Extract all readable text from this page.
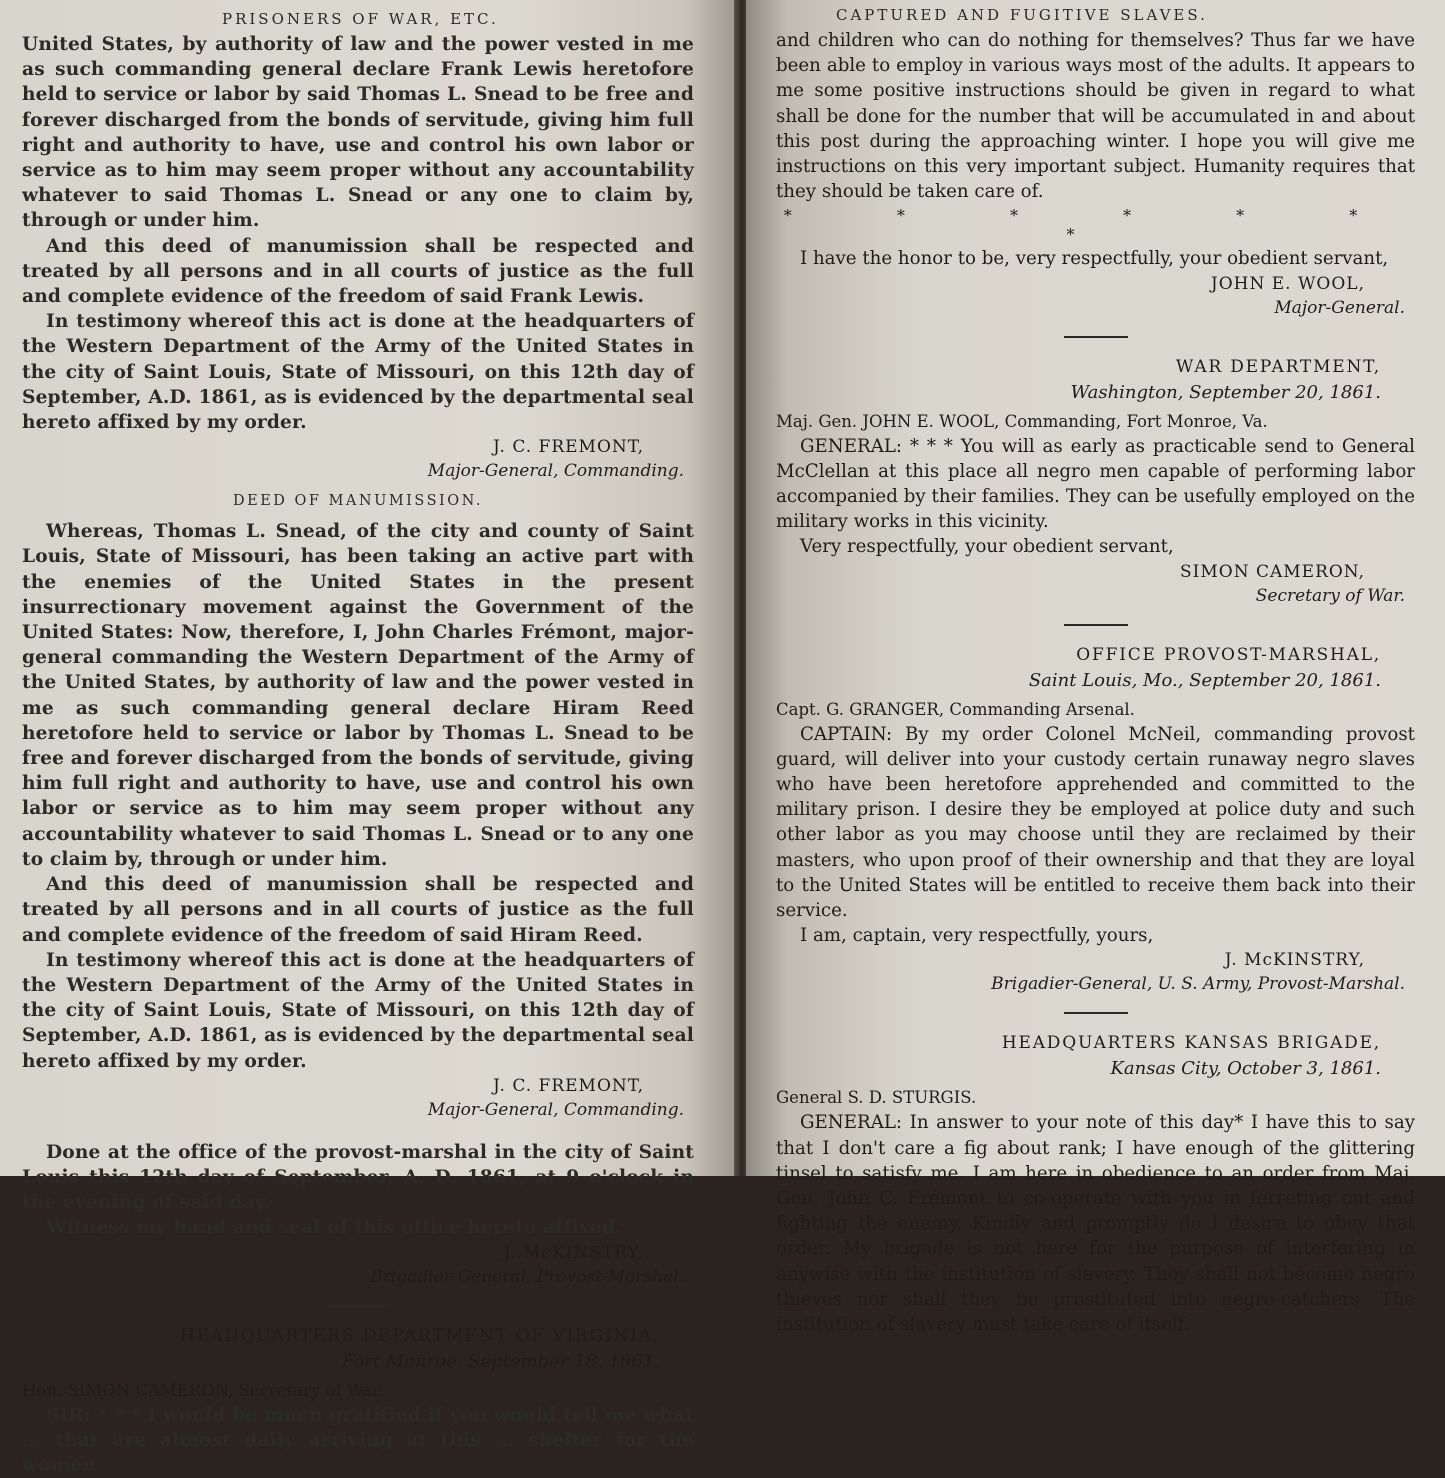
PRISONERS OF WAR, ETC.

United States, by authority of law and the power vested in me as such commanding general declare Frank Lewis heretofore held to service or labor by said Thomas L. Snead to be free and forever discharged from the bonds of servitude, giving him full right and authority to have, use and control his own labor or service as to him may seem proper without any accountability whatever to said Thomas L. Snead or any one to claim by, through or under him.

And this deed of manumission shall be respected and treated by all persons and in all courts of justice as the full and complete evidence of the freedom of said Frank Lewis.

In testimony whereof this act is done at the headquarters of the Western Department of the Army of the United States in the city of Saint Louis, State of Missouri, on this 12th day of September, A.D. 1861, as is evidenced by the departmental seal hereto affixed by my order.

J. C. FREMONT,

Major-General, Commanding.

DEED OF MANUMISSION.

Whereas, Thomas L. Snead, of the city and county of Saint Louis, State of Missouri, has been taking an active part with the enemies of the United States in the present insurrectionary movement against the Government of the United States: Now, therefore, I, John Charles Frémont, major-general commanding the Western Department of the Army of the United States, by authority of law and the power vested in me as such commanding general declare Hiram Reed heretofore held to service or labor by Thomas L. Snead to be free and forever discharged from the bonds of servitude, giving him full right and authority to have, use and control his own labor or service as to him may seem proper without any accountability whatever to said Thomas L. Snead or to any one to claim by, through or under him.

And this deed of manumission shall be respected and treated by all persons and in all courts of justice as the full and complete evidence of the freedom of said Hiram Reed.

In testimony whereof this act is done at the headquarters of the Western Department of the Army of the United States in the city of Saint Louis, State of Missouri, on this 12th day of September, A.D. 1861, as is evidenced by the departmental seal hereto affixed by my order.

J. C. FREMONT,

Major-General, Commanding.

Done at the office of the provost-marshal in the city of Saint Louis this 12th day of September, A. D. 1861, at 9 o'clock in the evening of said day.

Witness my hand and seal of this office hereto affixed.

J. McKINSTRY,

Brigadier-General, Provost-Marshal.

HEADQUARTERS DEPARTMENT OF VIRGINIA,

Fort Monroe, September 18, 1861.

Hon. SIMON CAMERON, Secretary of War.

SIR: * * * I would be much gratified if you would tell me what ... that are almost daily arriving at this ... shelter for the women

CAPTURED AND FUGITIVE SLAVES.

and children who can do nothing for themselves? Thus far we have been able to employ in various ways most of the adults. It appears to me some positive instructions should be given in regard to what shall be done for the number that will be accumulated in and about this post during the approaching winter. I hope you will give me instructions on this very important subject. Humanity requires that they should be taken care of.

* * * * * * *

I have the honor to be, very respectfully, your obedient servant,

JOHN E. WOOL,

Major-General.

WAR DEPARTMENT,

Washington, September 20, 1861.

Maj. Gen. JOHN E. WOOL, Commanding, Fort Monroe, Va.

GENERAL: * * * You will as early as practicable send to General McClellan at this place all negro men capable of performing labor accompanied by their families. They can be usefully employed on the military works in this vicinity.

Very respectfully, your obedient servant,

SIMON CAMERON,

Secretary of War.

OFFICE PROVOST-MARSHAL,

Saint Louis, Mo., September 20, 1861.

Capt. G. GRANGER, Commanding Arsenal.

CAPTAIN: By my order Colonel McNeil, commanding provost guard, will deliver into your custody certain runaway negro slaves who have been heretofore apprehended and committed to the military prison. I desire they be employed at police duty and such other labor as you may choose until they are reclaimed by their masters, who upon proof of their ownership and that they are loyal to the United States will be entitled to receive them back into their service.

I am, captain, very respectfully, yours,

J. McKINSTRY,

Brigadier-General, U. S. Army, Provost-Marshal.

HEADQUARTERS KANSAS BRIGADE,

Kansas City, October 3, 1861.

General S. D. STURGIS.

GENERAL: In answer to your note of this day* I have this to say that I don't care a fig about rank; I have enough of the glittering tinsel to satisfy me. I am here in obedience to an order from Maj. Gen. John C. Frémont to co-operate with you in ferreting out and fighting the enemy. Kindly and promptly do I desire to obey that order. My brigade is not here for the purpose of interfering in anywise with the institution of slavery. They shall not become negro thieves nor shall they be prostituted into negro-catchers. The institution of slavery must take care of itself.
